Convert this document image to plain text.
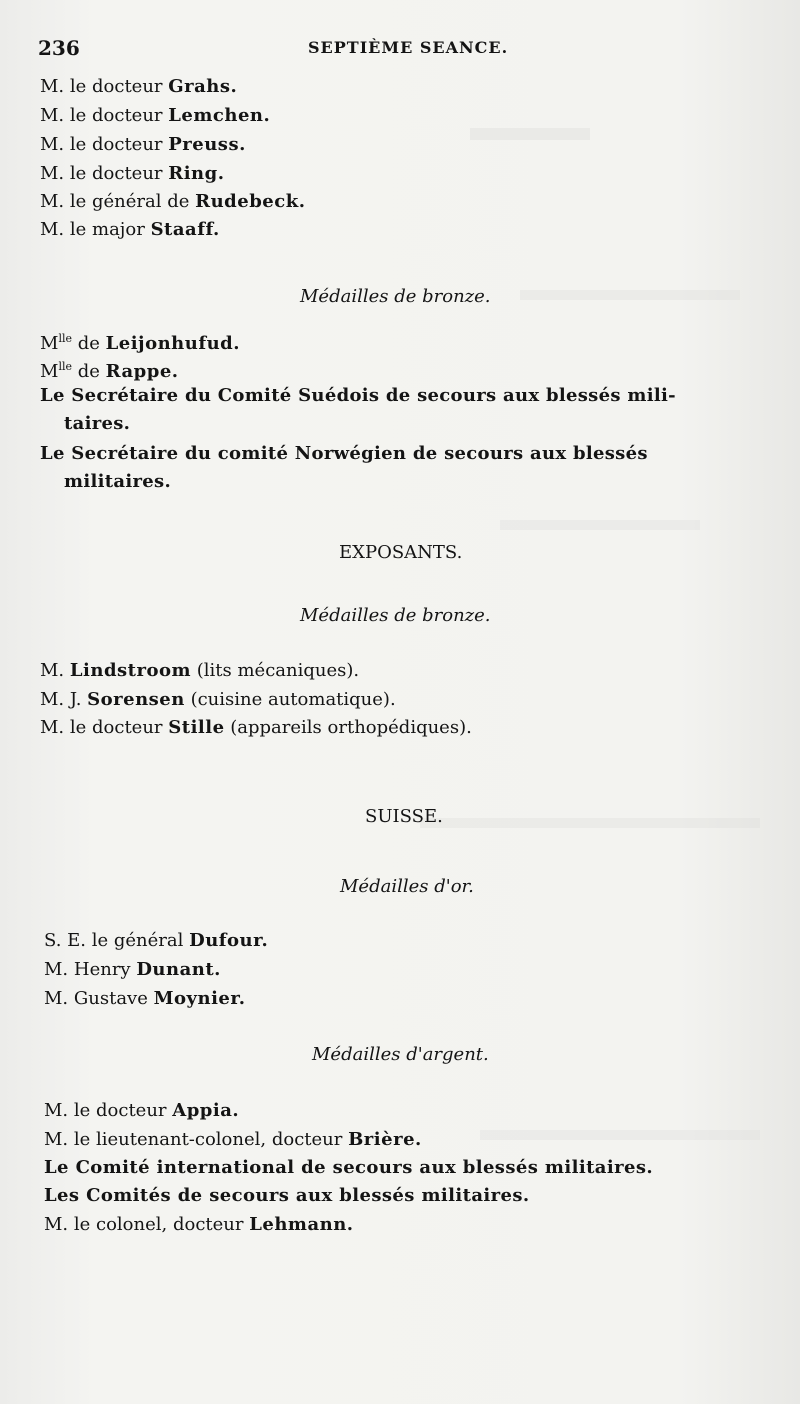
236	SEPTIÈME SEANCE.
M. le docteur Grahs.
M. le docteur Lemchen.
M. le docteur Preuss.
M. le docteur Ring.
M. le général de Rudebeck.
M. le major Staaff.
Médailles de bronze.
$M^{lle}$ de Leijonhufud.
$M^{lle}$ de Rappe.
Le Secrétaire du Comité Suédois de secours aux blessés mili-
taires.
Le Secrétaire du comité Norwégien de secours aux blessés
militaires.
EXPOSANTS.
Médailles de bronze.
M. Lindstroom (lits mécaniques).
M. J. Sorensen (cuisine automatique).
M. le docteur Stille (appareils orthopédiques).
SUISSE.
Médailles d'or.
S. E. le général Dufour.
M. Henry Dunant.
M. Gustave Moynier.
Médailles d'argent.
M. le docteur Appia.
M. le lieutenant-colonel, docteur Brière.
Le Comité international de secours aux blessés militaires.
Les Comités de secours aux blessés militaires.
M. le colonel, docteur Lehmann.
